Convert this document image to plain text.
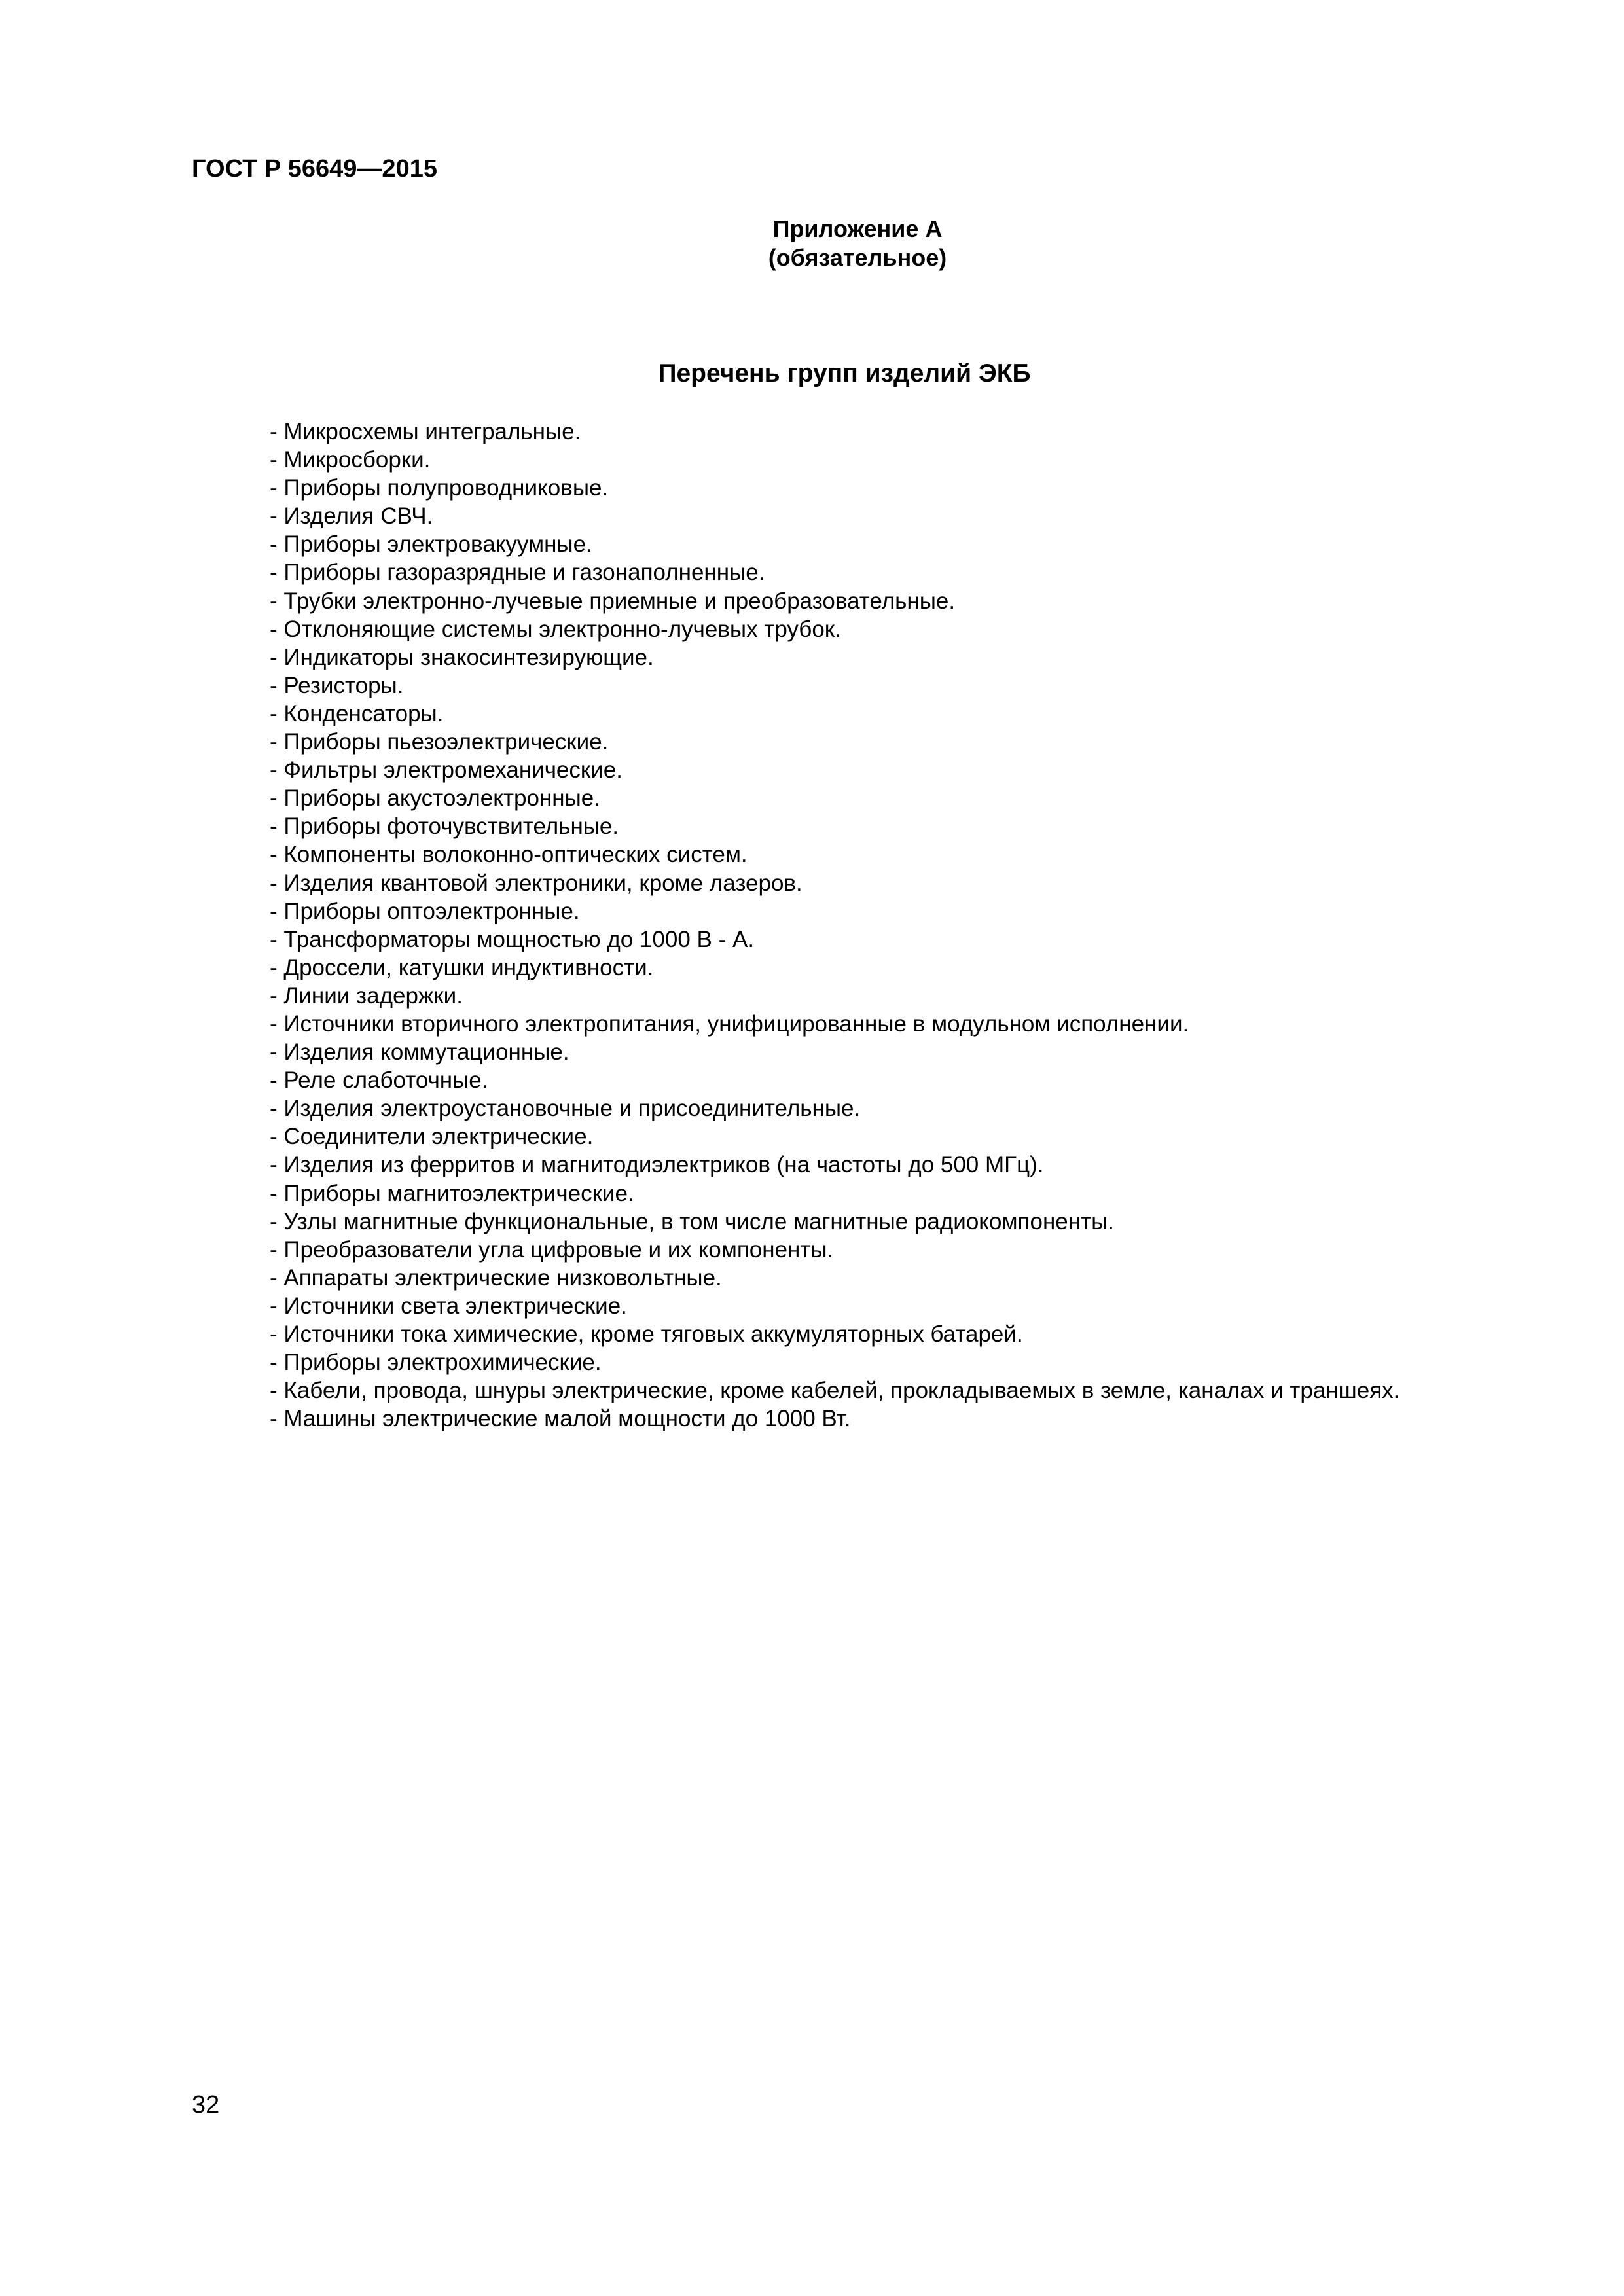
ГОСТ Р 56649—2015
Приложение А
(обязательное)
Перечень групп изделий ЭКБ
- Микросхемы интегральные.
- Микросборки.
- Приборы полупроводниковые.
- Изделия СВЧ.
- Приборы электровакуумные.
- Приборы газоразрядные и газонаполненные.
- Трубки электронно-лучевые приемные и преобразовательные.
- Отклоняющие системы электронно-лучевых трубок.
- Индикаторы знакосинтезирующие.
- Резисторы.
- Конденсаторы.
- Приборы пьезоэлектрические.
- Фильтры электромеханические.
- Приборы акустоэлектронные.
- Приборы фоточувствительные.
- Компоненты волоконно-оптических систем.
- Изделия квантовой электроники, кроме лазеров.
- Приборы оптоэлектронные.
- Трансформаторы мощностью до 1000 В - А.
- Дроссели, катушки индуктивности.
- Линии задержки.
- Источники вторичного электропитания, унифицированные в модульном исполнении.
- Изделия коммутационные.
- Реле слаботочные.
- Изделия электроустановочные и присоединительные.
- Соединители электрические.
- Изделия из ферритов и магнитодиэлектриков (на частоты до 500 МГц).
- Приборы магнитоэлектрические.
- Узлы магнитные функциональные, в том числе магнитные радиокомпоненты.
- Преобразователи угла цифровые и их компоненты.
- Аппараты электрические низковольтные.
- Источники света электрические.
- Источники тока химические, кроме тяговых аккумуляторных батарей.
- Приборы электрохимические.
- Кабели, провода, шнуры электрические, кроме кабелей, прокладываемых в земле, каналах и траншеях.
- Машины электрические малой мощности до 1000 Вт.
32
